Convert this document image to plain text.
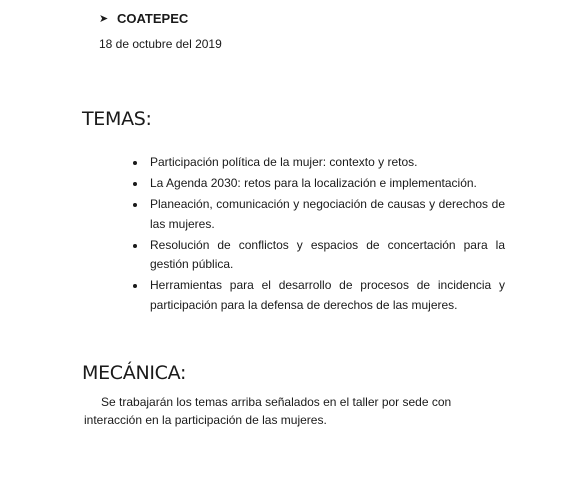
➤ COATEPEC
18 de octubre del 2019
TEMAS:
Participación política de la mujer: contexto y retos.
La Agenda 2030: retos para la localización e implementación.
Planeación, comunicación y negociación de causas y derechos de las mujeres.
Resolución de conflictos y espacios de concertación para la gestión pública.
Herramientas para el desarrollo de procesos de incidencia y participación para la defensa de derechos de las mujeres.
MECÁNICA:

Se trabajarán los temas arriba señalados en el taller por sede con interacción en la participación de las mujeres.
